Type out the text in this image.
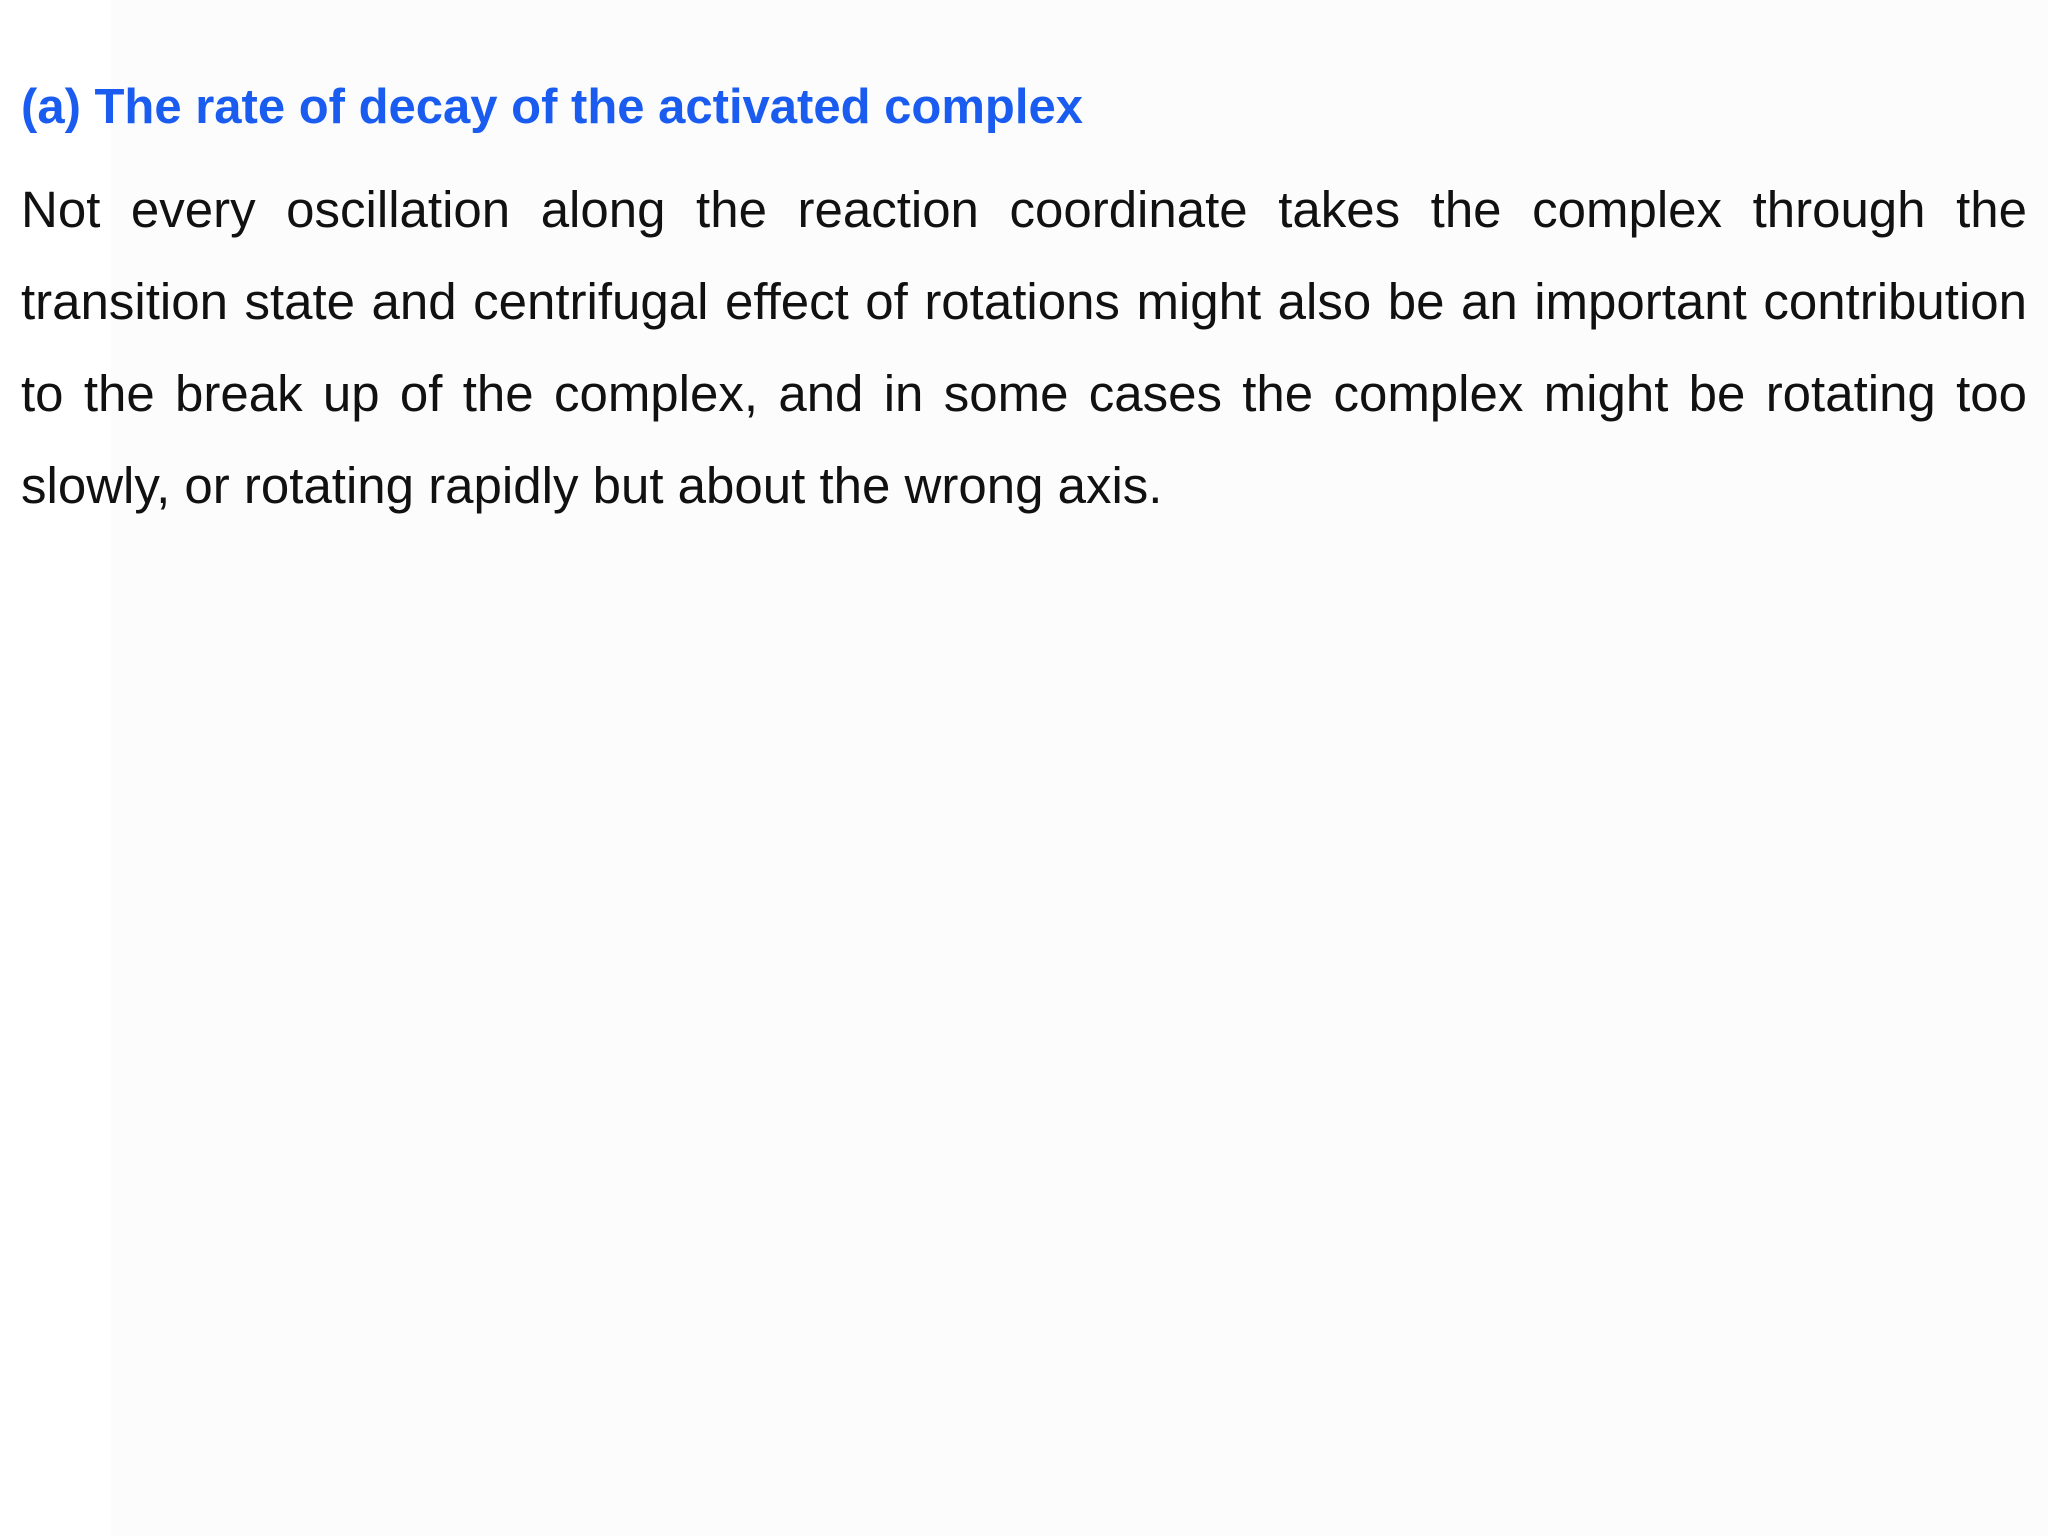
(a) The rate of decay of the activated complex

Not every oscillation along the reaction coordinate takes the complex through the transition state and centrifugal effect of rotations might also be an important contribution to the break up of the complex, and in some cases the complex might be rotating too slowly, or rotating rapidly but about the wrong axis.
